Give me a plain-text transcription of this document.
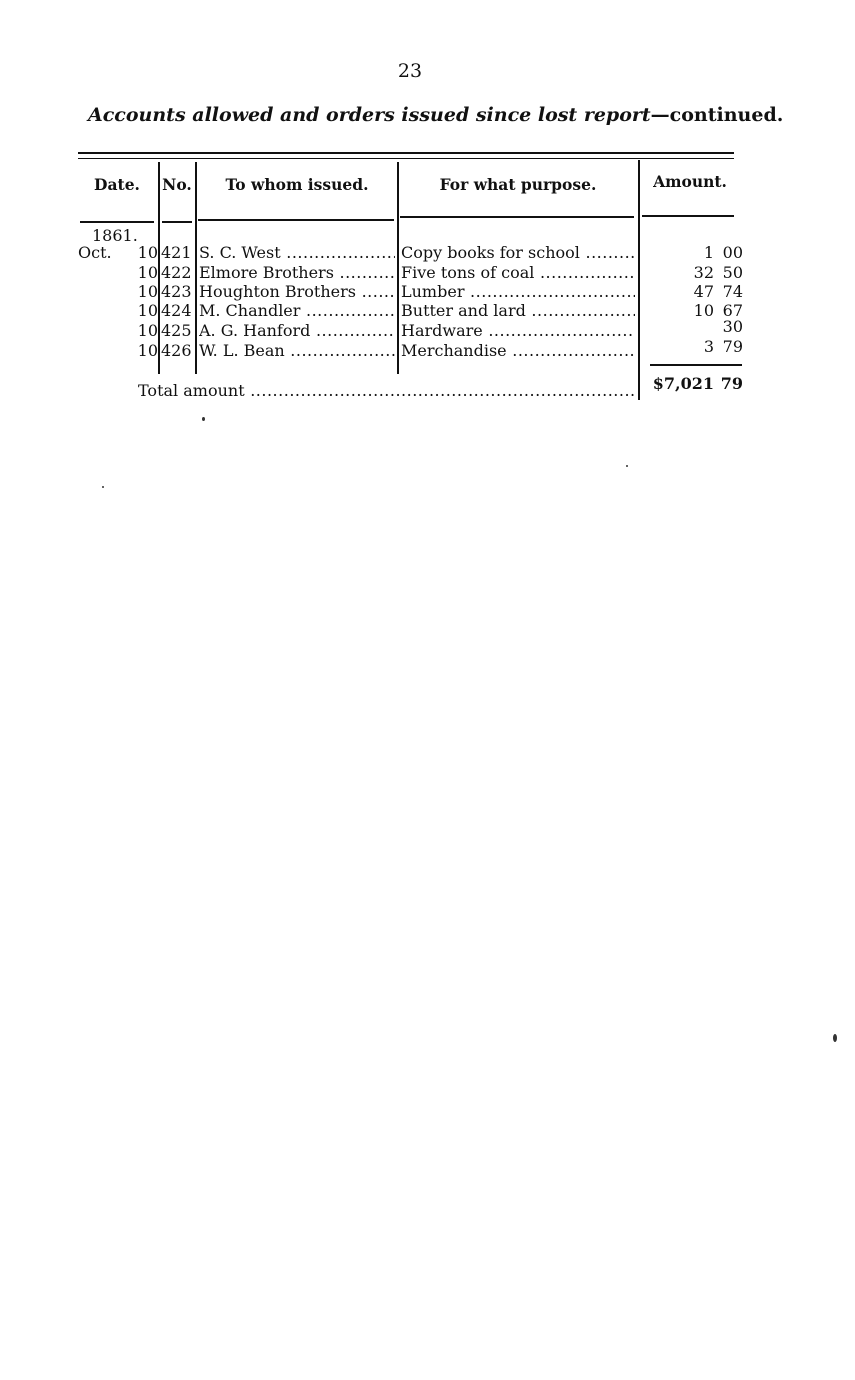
23
Accounts allowed and orders issued since lost report—continued.
Date.	No.	To whom issued.	For what purpose.	Amount.
1861.
Oct.	10 421 S. C. West .....	Copy books for school .....	1 00
10 422 Elmore Brothers .....	Five tons of coal .....	32 50
10 423 Houghton Brothers .....	Lumber .....	47 74
10 424 M. Chandler .....	Butter and lard .....	10 67
10 425 A. G. Hanford .....	Hardware .....	30
10 426 W. L. Bean .....	Merchandise .....	3 79
Total amount .....	$7,021 79
